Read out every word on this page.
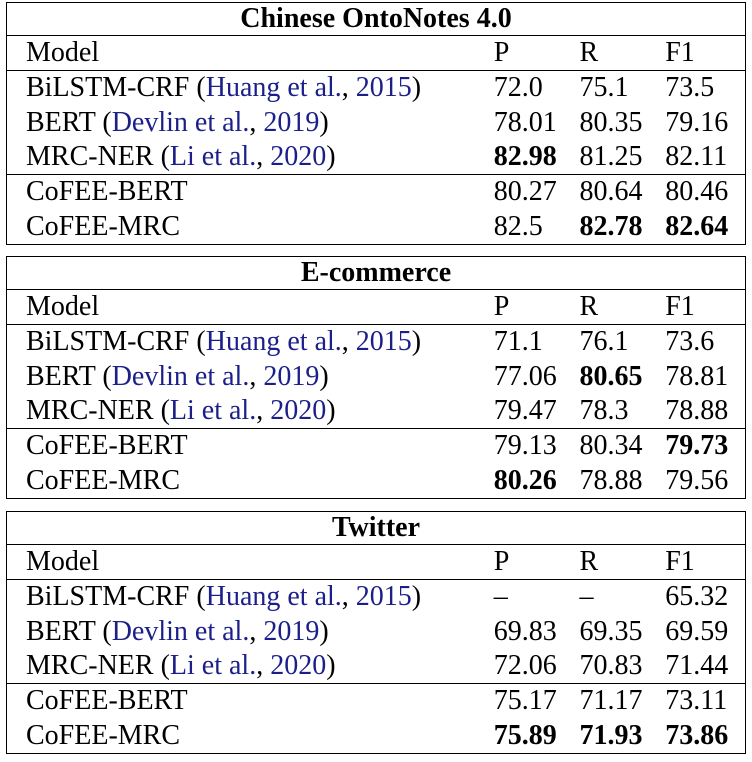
Chinese OntoNotes 4.0
Model	P	R	F1
BiLSTM-CRF (Huang et al., 2015)	72.0	75.1	73.5
BERT (Devlin et al., 2019)	78.01 80.35 79.16
MRC-NER (Li et al., 2020)	82.98 81.25 82.11
CoFEE-BERT	80.27 80.64 80.46
CoFEE-MRC	82.5	82.78 82.64
E-commerce
Model	P	R	F1
BiLSTM-CRF (Huang et al., 2015)	71.1	76.1	73.6
BERT (Devlin et al., 2019)	77.06 80.65 78.81
MRC-NER (Li et al., 2020)	79.47 78.3	78.88
CoFEE-BERT	79.13 80.34 79.73
CoFEE-MRC	80.26 78.88 79.56
Twitter
Model	P	R	F1
BiLSTM-CRF (Huang et al., 2015)	–	–	65.32
BERT (Devlin et al., 2019)	69.83 69.35 69.59
MRC-NER (Li et al., 2020)	72.06 70.83 71.44
CoFEE-BERT	75.17 71.17 73.11
CoFEE-MRC	75.89 71.93 73.86
